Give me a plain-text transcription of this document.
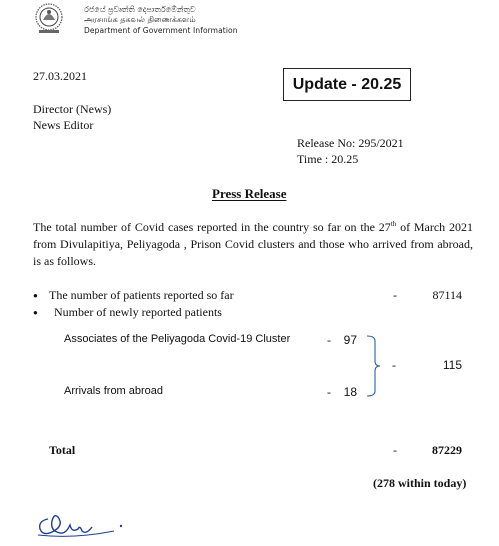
රජයේ ප්‍රවෘත්ති දෙපාර්තමේන්තුව
அரசாங்க தகவல் திணைக்களம்
Department of Government Information
27.03.2021	Update - 20.25
Director (News)
News Editor
Release No: 295/2021
Time : 20.25
Press Release

The total number of Covid cases reported in the country so far on the 27th of March 2021 from Divulapitiya, Peliyagoda , Prison Covid clusters and those who arrived from abroad, is as follows.

● The number of patients reported so far	-	87114
● Number of newly reported patients
Associates of the Peliyagoda Covid-19 Cluster	-	97
Arrivals from abroad	-	18
-	115
Total	-	87229
(278 within today)
